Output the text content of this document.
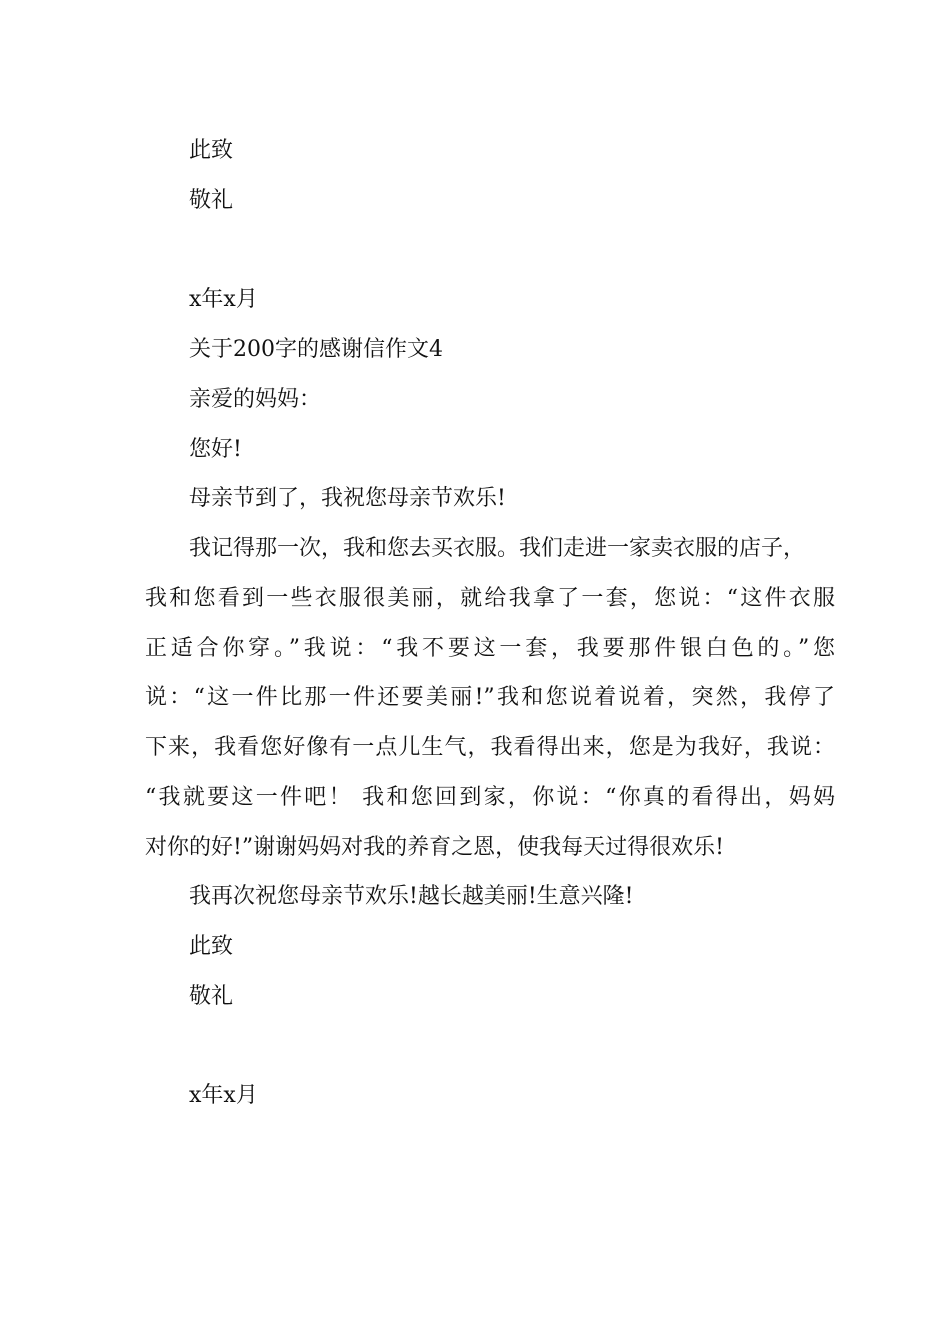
此致

敬礼

x年x月

关于200字的感谢信作文4

亲爱的妈妈：

您好!

母亲节到了，我祝您母亲节欢乐!

我记得那一次，我和您去买衣服。我们走进一家卖衣服的店子，

我和您看到一些衣服很美丽，就给我拿了一套，您说：“这件衣服

正适合你穿。”我说：“我不要这一套，我要那件银白色的。”您

说：“这一件比那一件还要美丽!”我和您说着说着，突然，我停了

下来，我看您好像有一点儿生气，我看得出来，您是为我好，我说：

“我就要这一件吧！ 我和您回到家，你说：“你真的看得出，妈妈

对你的好!”谢谢妈妈对我的养育之恩，使我每天过得很欢乐!

我再次祝您母亲节欢乐!越长越美丽!生意兴隆!

此致

敬礼

x年x月
